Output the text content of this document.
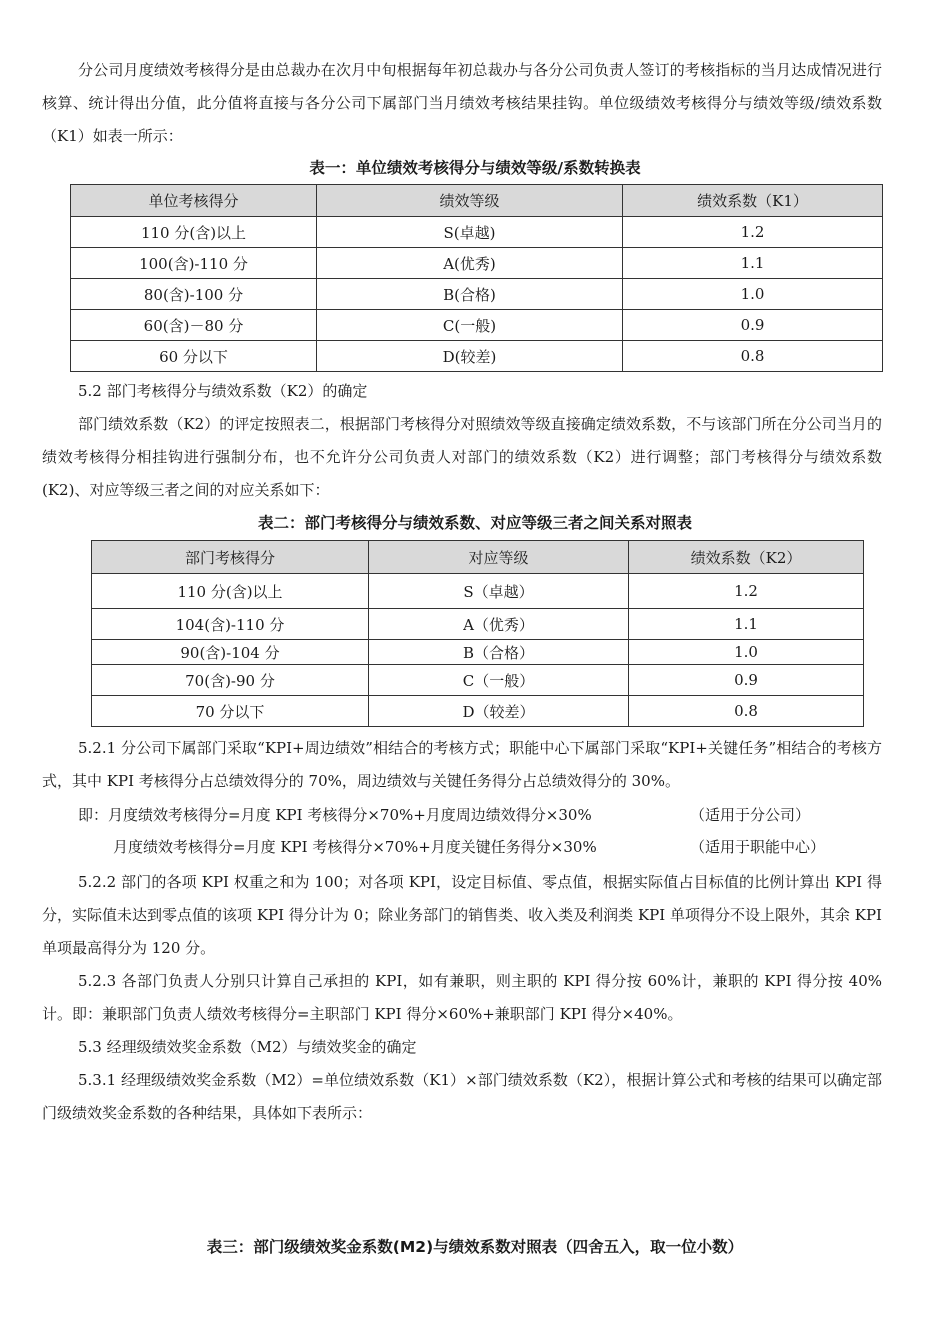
分公司月度绩效考核得分是由总裁办在次月中旬根据每年初总裁办与各分公司负责人签订的考核指标的当月达成情况进行核算、统计得出分值，此分值将直接与各分公司下属部门当月绩效考核结果挂钩。单位级绩效考核得分与绩效等级/绩效系数（K1）如表一所示：

表一：单位绩效考核得分与绩效等级/系数转换表
单位考核得分	绩效等级	绩效系数（K1）
110 分(含)以上	S(卓越)	1.2
100(含)-110 分	A(优秀)	1.1
80(含)-100 分	B(合格)	1.0
60(含)－80 分	C(一般)	0.9
60 分以下	D(较差)	0.8

5.2 部门考核得分与绩效系数（K2）的确定

部门绩效系数（K2）的评定按照表二，根据部门考核得分对照绩效等级直接确定绩效系数，不与该部门所在分公司当月的绩效考核得分相挂钩进行强制分布，也不允许分公司负责人对部门的绩效系数（K2）进行调整；部门考核得分与绩效系数(K2)、对应等级三者之间的对应关系如下：

表二：部门考核得分与绩效系数、对应等级三者之间关系对照表
部门考核得分	对应等级	绩效系数（K2）
110 分(含)以上	S（卓越）	1.2
104(含)-110 分	A（优秀）	1.1
90(含)-104 分	B（合格）	1.0
70(含)-90 分	C（一般）	0.9
70 分以下	D（较差）	0.8

5.2.1 分公司下属部门采取“KPI+周边绩效”相结合的考核方式；职能中心下属部门采取“KPI+关键任务”相结合的考核方式，其中 KPI 考核得分占总绩效得分的 70%，周边绩效与关键任务得分占总绩效得分的 30%。

即：月度绩效考核得分=月度 KPI 考核得分×70%+月度周边绩效得分×30%	（适用于分公司）
月度绩效考核得分=月度 KPI 考核得分×70%+月度关键任务得分×30%	（适用于职能中心）

5.2.2 部门的各项 KPI 权重之和为 100；对各项 KPI，设定目标值、零点值，根据实际值占目标值的比例计算出 KPI 得分，实际值未达到零点值的该项 KPI 得分计为 0；除业务部门的销售类、收入类及利润类 KPI 单项得分不设上限外，其余 KPI 单项最高得分为 120 分。

5.2.3 各部门负责人分别只计算自己承担的 KPI，如有兼职，则主职的 KPI 得分按 60%计，兼职的 KPI 得分按 40%计。即：兼职部门负责人绩效考核得分=主职部门 KPI 得分×60%+兼职部门 KPI 得分×40%。

5.3 经理级绩效奖金系数（M2）与绩效奖金的确定

5.3.1 经理级绩效奖金系数（M2）=单位绩效系数（K1）×部门绩效系数（K2），根据计算公式和考核的结果可以确定部门级绩效奖金系数的各种结果，具体如下表所示：

表三：部门级绩效奖金系数(M2)与绩效系数对照表（四舍五入，取一位小数）
